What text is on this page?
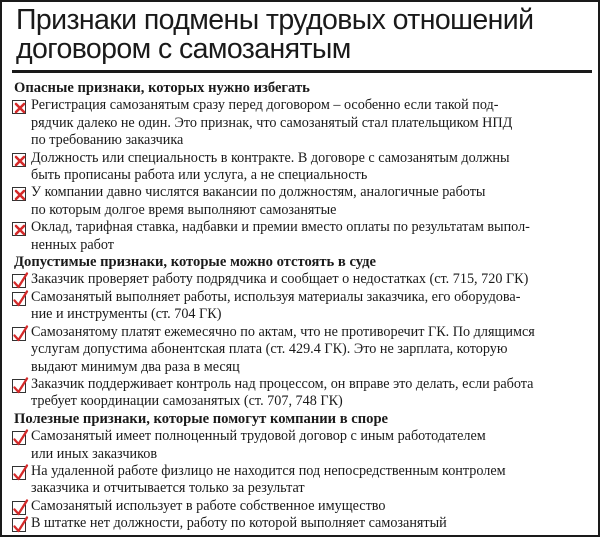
Признаки подмены трудовых отношений
договором с самозанятым
Опасные признаки, которых нужно избегать
Регистрация самозанятым сразу перед договором – особенно если такой под-
рядчик далеко не один. Это признак, что самозанятый стал плательщиком НПД
по требованию заказчика
Должность или специальность в контракте. В договоре с самозанятым должны
быть прописаны работа или услуга, а не специальность
У компании давно числятся вакансии по должностям, аналогичные работы
по которым долгое время выполняют самозанятые
Оклад, тарифная ставка, надбавки и премии вместо оплаты по результатам выпол-
ненных работ
Допустимые признаки, которые можно отстоять в суде
Заказчик проверяет работу подрядчика и сообщает о недостатках (ст. 715, 720 ГК)
Самозанятый выполняет работы, используя материалы заказчика, его оборудова-
ние и инструменты (ст. 704 ГК)
Самозанятому платят ежемесячно по актам, что не противоречит ГК. По длящимся
услугам допустима абонентская плата (ст. 429.4 ГК). Это не зарплата, которую
выдают минимум два раза в месяц
Заказчик поддерживает контроль над процессом, он вправе это делать, если работа
требует координации самозанятых (ст. 707, 748 ГК)
Полезные признаки, которые помогут компании в споре
Самозанятый имеет полноценный трудовой договор с иным работодателем
или иных заказчиков
На удаленной работе физлицо не находится под непосредственным контролем
заказчика и отчитывается только за результат
Самозанятый использует в работе собственное имущество
В штатке нет должности, работу по которой выполняет самозанятый
